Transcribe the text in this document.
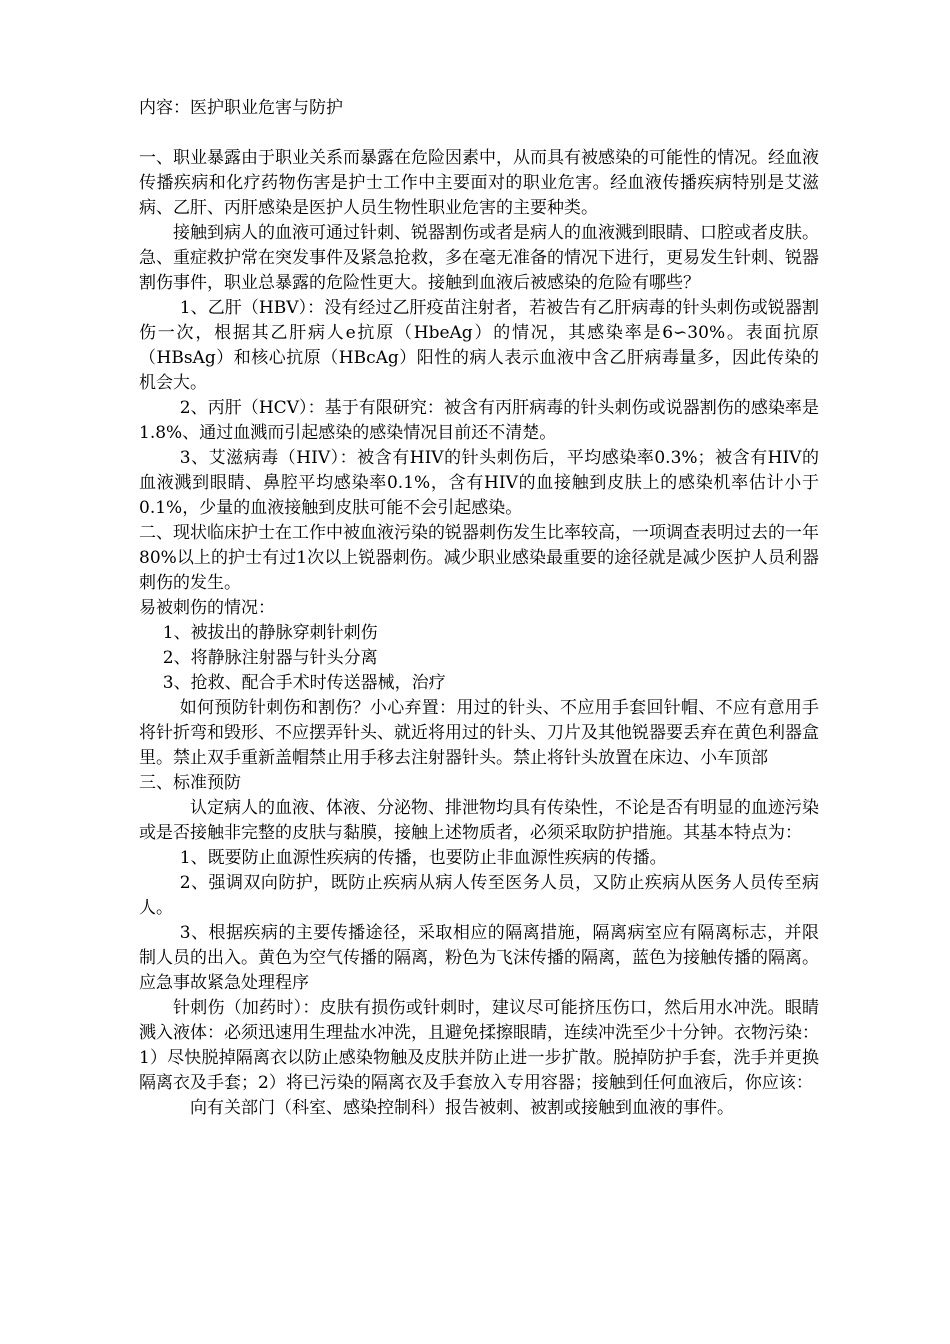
内容：医护职业危害与防护

一、职业暴露由于职业关系而暴露在危险因素中，从而具有被感染的可能性的情况。经血液传播疾病和化疗药物伤害是护士工作中主要面对的职业危害。经血液传播疾病特别是艾滋病、乙肝、丙肝感染是医护人员生物性职业危害的主要种类。

接触到病人的血液可通过针刺、锐器割伤或者是病人的血液溅到眼睛、口腔或者皮肤。急、重症救护常在突发事件及紧急抢救，多在毫无准备的情况下进行，更易发生针刺、锐器割伤事件，职业总暴露的危险性更大。接触到血液后被感染的危险有哪些？

1、乙肝（HBV）：没有经过乙肝疫苗注射者，若被告有乙肝病毒的针头刺伤或锐器割伤一次，根据其乙肝病人e抗原（HbeAg）的情况，其感染率是6∽30%。表面抗原（HBsAg）和核心抗原（HBcAg）阳性的病人表示血液中含乙肝病毒量多，因此传染的机会大。

2、丙肝（HCV）：基于有限研究：被含有丙肝病毒的针头刺伤或说器割伤的感染率是1.8%、通过血溅而引起感染的感染情况目前还不清楚。

3、艾滋病毒（HIV）：被含有HIV的针头刺伤后，平均感染率0.3%；被含有HIV的血液溅到眼睛、鼻腔平均感染率0.1%，含有HIV的血接触到皮肤上的感染机率估计小于0.1%，少量的血液接触到皮肤可能不会引起感染。

二、现状临床护士在工作中被血液污染的锐器刺伤发生比率较高，一项调查表明过去的一年80%以上的护士有过1次以上锐器刺伤。减少职业感染最重要的途径就是减少医护人员利器刺伤的发生。

易被刺伤的情况：

1、被拔出的静脉穿刺针刺伤

2、将静脉注射器与针头分离

3、抢救、配合手术时传送器械，治疗

如何预防针刺伤和割伤？小心弃置：用过的针头、不应用手套回针帽、不应有意用手将针折弯和毁形、不应摆弄针头、就近将用过的针头、刀片及其他锐器要丢弃在黄色利器盒里。禁止双手重新盖帽禁止用手移去注射器针头。禁止将针头放置在床边、小车顶部

三、标准预防

认定病人的血液、体液、分泌物、排泄物均具有传染性，不论是否有明显的血迹污染或是否接触非完整的皮肤与黏膜，接触上述物质者，必须采取防护措施。其基本特点为：

1、既要防止血源性疾病的传播，也要防止非血源性疾病的传播。

2、强调双向防护，既防止疾病从病人传至医务人员，又防止疾病从医务人员传至病人。

3、根据疾病的主要传播途径，采取相应的隔离措施，隔离病室应有隔离标志，并限制人员的出入。黄色为空气传播的隔离，粉色为飞沫传播的隔离，蓝色为接触传播的隔离。

应急事故紧急处理程序

针刺伤（加药时）：皮肤有损伤或针刺时，建议尽可能挤压伤口，然后用水冲洗。眼睛溅入液体：必须迅速用生理盐水冲洗，且避免揉擦眼睛，连续冲洗至少十分钟。衣物污染：1）尽快脱掉隔离衣以防止感染物触及皮肤并防止进一步扩散。脱掉防护手套，洗手并更换隔离衣及手套；2）将已污染的隔离衣及手套放入专用容器；接触到任何血液后，你应该：

向有关部门（科室、感染控制科）报告被刺、被割或接触到血液的事件。
